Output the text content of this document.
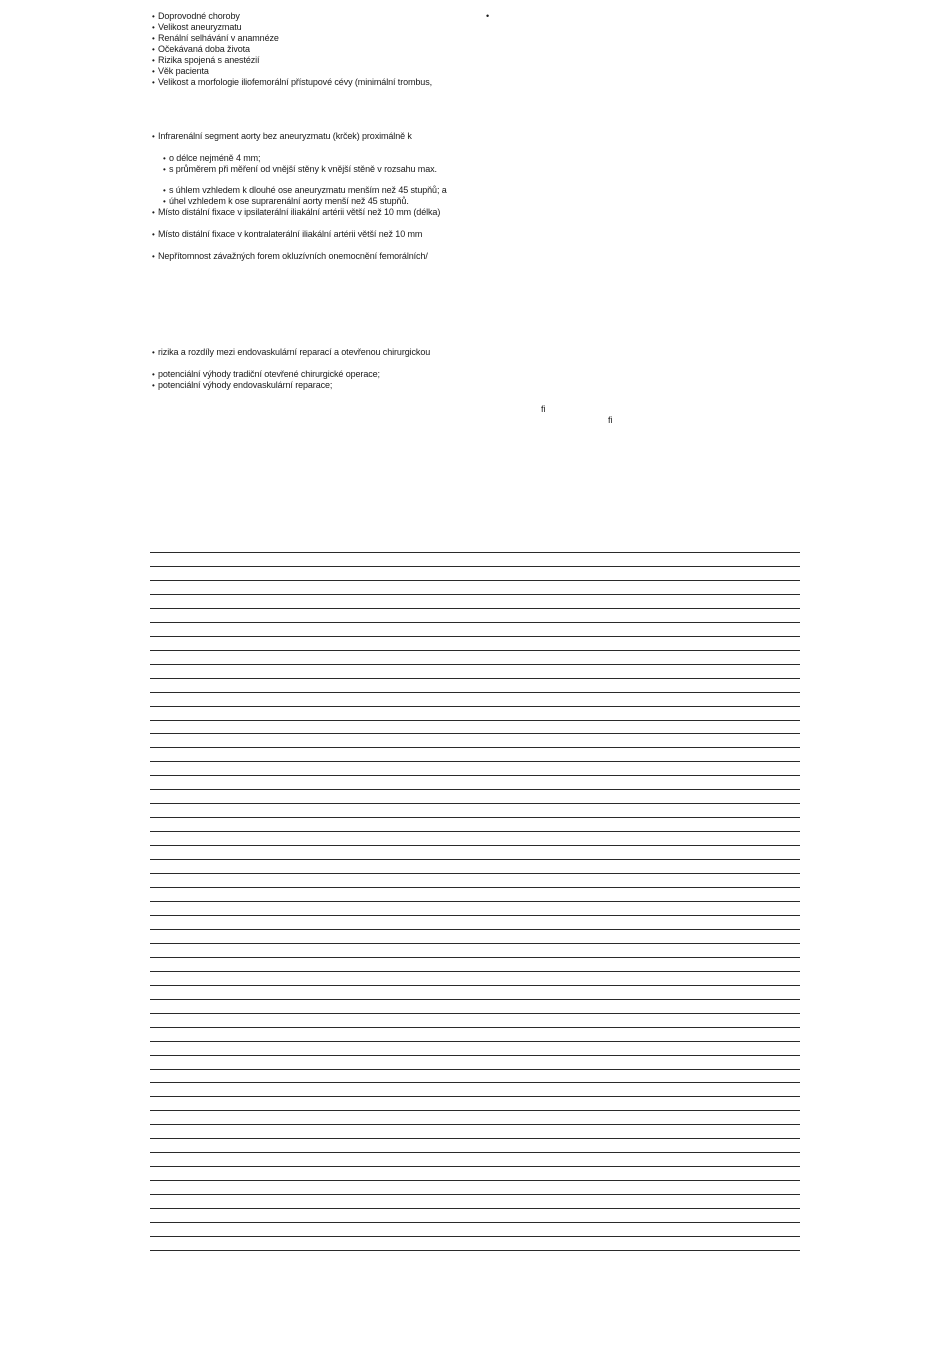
• Doprovodné choroby
• Velikost aneuryzmatu
• Renální selhávání v anamnéze
• Očekávaná doba života
• Rizika spojená s anestézií
• Věk pacienta
• Velikost a morfologie iliofemorální přístupové cévy (minimální trombus,
•
• Infrarenální segment aorty bez aneuryzmatu (krček) proximálně k
• o délce nejméně 4 mm;
• s průměrem při měření od vnější stěny k vnější stěně v rozsahu max.
• s úhlem vzhledem k dlouhé ose aneuryzmatu menším než 45 stupňů; a
• úhel vzhledem k ose suprarenální aorty menší než 45 stupňů.
• Místo distální fixace v ipsilaterální iliakální artérii větší než 10 mm (délka)
• Místo distální fixace v kontralaterální iliakální artérii větší než 10 mm
• Nepřítomnost závažných forem okluzívních onemocnění femorálních/
• rizika a rozdíly mezi endovaskulární reparací a otevřenou chirurgickou
• potenciální výhody tradiční otevřené chirurgické operace;
• potenciální výhody endovaskulární reparace;
fi
fi
